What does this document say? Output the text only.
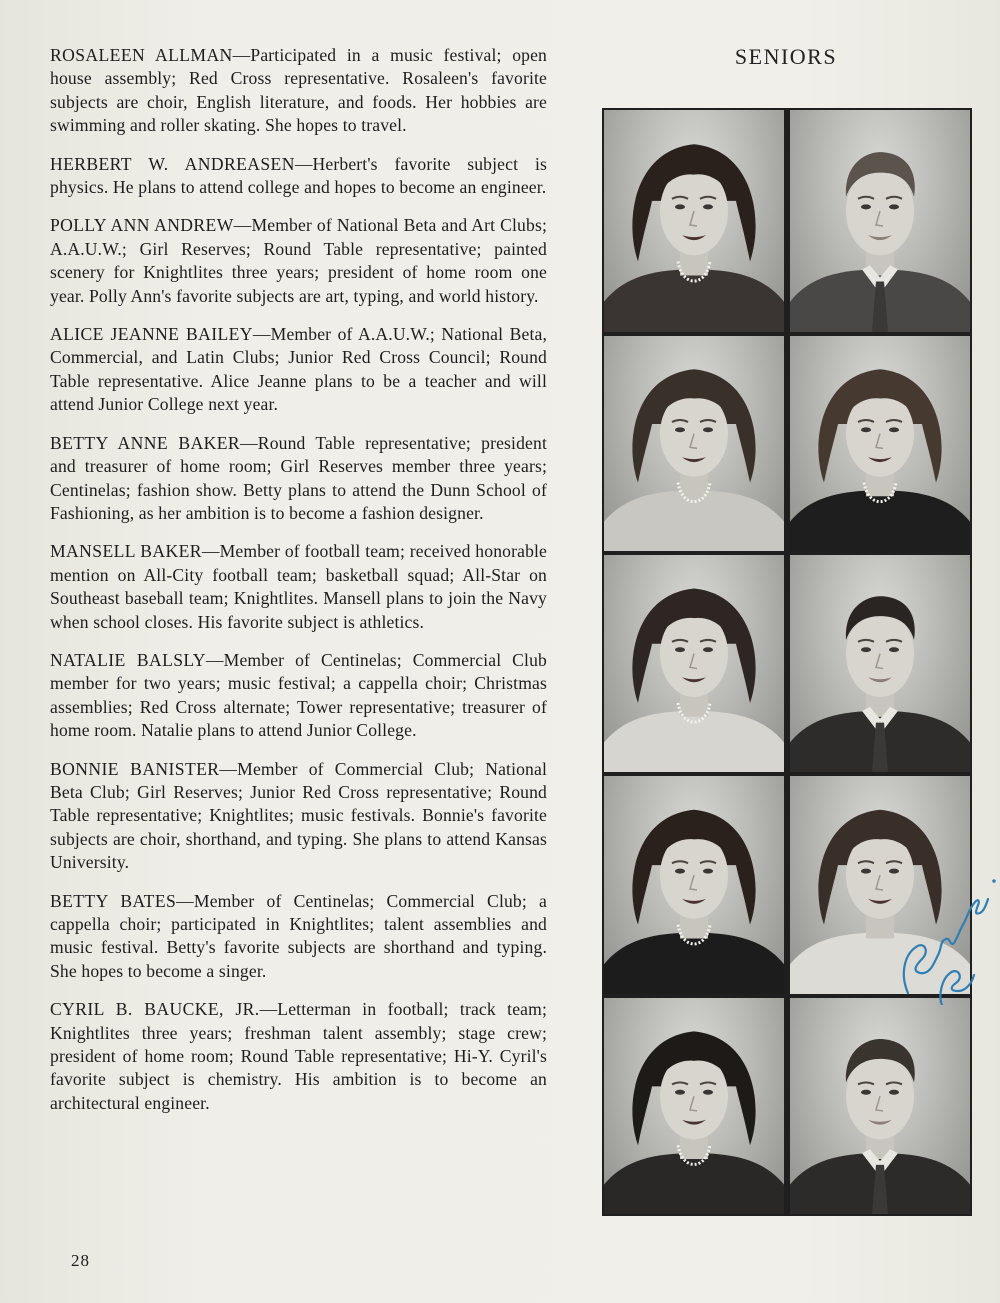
SENIORS

ROSALEEN ALLMAN—Participated in a music festival; open house assembly; Red Cross representative. Rosaleen's favorite subjects are choir, English literature, and foods. Her hobbies are swimming and roller skating. She hopes to travel.

HERBERT W. ANDREASEN—Herbert's favorite subject is physics. He plans to attend college and hopes to become an engineer.

POLLY ANN ANDREW—Member of National Beta and Art Clubs; A.A.U.W.; Girl Reserves; Round Table representative; painted scenery for Knightlites three years; president of home room one year. Polly Ann's favorite subjects are art, typing, and world history.

ALICE JEANNE BAILEY—Member of A.A.U.W.; National Beta, Commercial, and Latin Clubs; Junior Red Cross Council; Round Table representative. Alice Jeanne plans to be a teacher and will attend Junior College next year.

BETTY ANNE BAKER—Round Table representative; president and treasurer of home room; Girl Reserves member three years; Centinelas; fashion show. Betty plans to attend the Dunn School of Fashioning, as her ambition is to become a fashion designer.

MANSELL BAKER—Member of football team; received honorable mention on All-City football team; basketball squad; All-Star on Southeast baseball team; Knightlites. Mansell plans to join the Navy when school closes. His favorite subject is athletics.

NATALIE BALSLY—Member of Centinelas; Commercial Club member for two years; music festival; a cappella choir; Christmas assemblies; Red Cross alternate; Tower representative; treasurer of home room. Natalie plans to attend Junior College.

BONNIE BANISTER—Member of Commercial Club; National Beta Club; Girl Reserves; Junior Red Cross representative; Round Table representative; Knightlites; music festivals. Bonnie's favorite subjects are choir, shorthand, and typing. She plans to attend Kansas University.

BETTY BATES—Member of Centinelas; Commercial Club; a cappella choir; participated in Knightlites; talent assemblies and music festival. Betty's favorite subjects are shorthand and typing. She hopes to become a singer.

CYRIL B. BAUCKE, JR.—Letterman in football; track team; Knightlites three years; freshman talent assembly; stage crew; president of home room; Round Table representative; Hi-Y. Cyril's favorite subject is chemistry. His ambition is to become an architectural engineer.

28
